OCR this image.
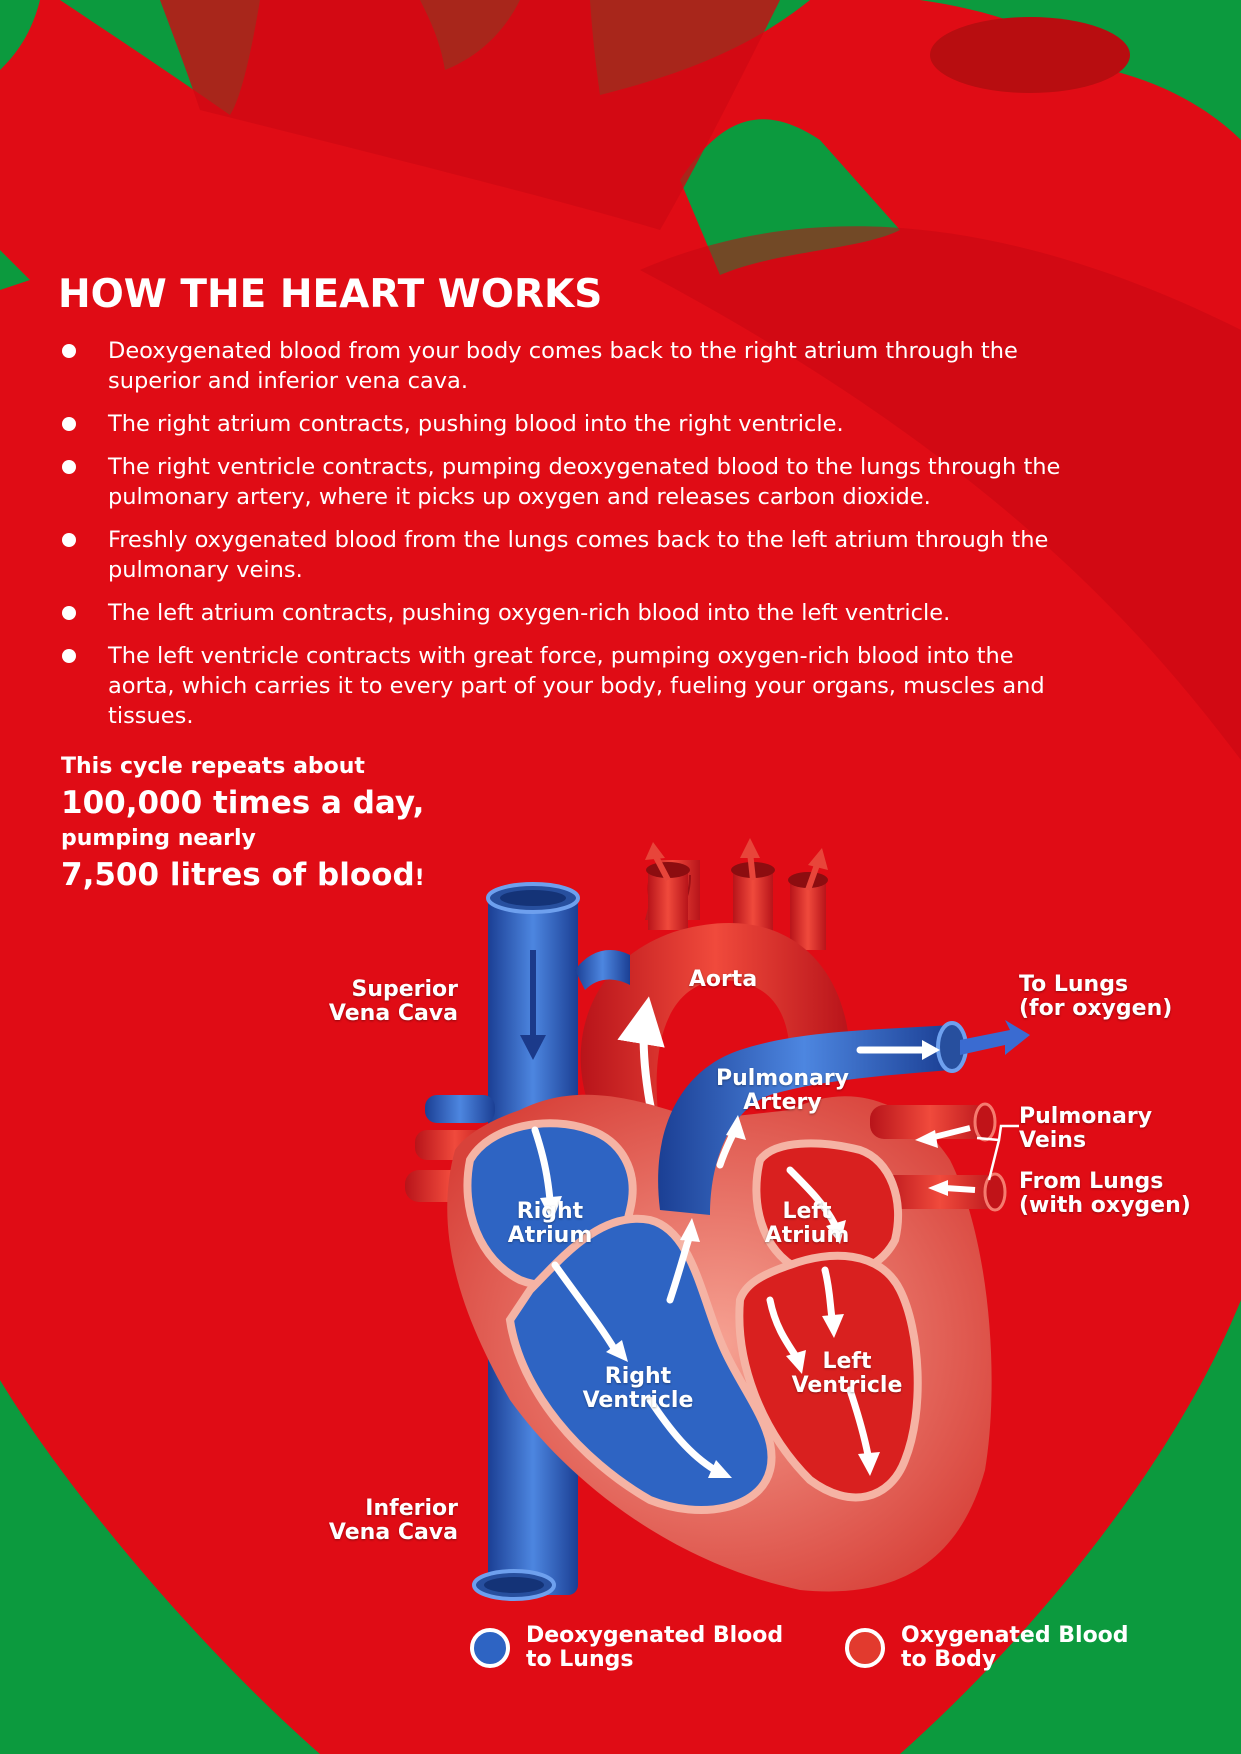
HOW THE HEART WORKS
Deoxygenated blood from your body comes back to the right atrium through the superior and inferior vena cava.
The right atrium contracts, pushing blood into the right ventricle.
The right ventricle contracts, pumping deoxygenated blood to the lungs through the pulmonary artery, where it picks up oxygen and releases carbon dioxide.
Freshly oxygenated blood from the lungs comes back to the left atrium through the pulmonary veins.
The left atrium contracts, pushing oxygen-rich blood into the left ventricle.
The left ventricle contracts with great force, pumping oxygen-rich blood into the aorta, which carries it to every part of your body, fueling your organs, muscles and tissues.
This cycle repeats about
100,000 times a day,
pumping nearly
7,500 litres of blood!
Superior
Vena Cava
Inferior
Vena Cava
Aorta
Pulmonary
Artery
To Lungs
(for oxygen)
Pulmonary
Veins
From Lungs
(with oxygen)
Right
Atrium
Left
Atrium
Right
Ventricle
Left
Ventricle
Deoxygenated Blood
to Lungs
Oxygenated Blood
to Body
